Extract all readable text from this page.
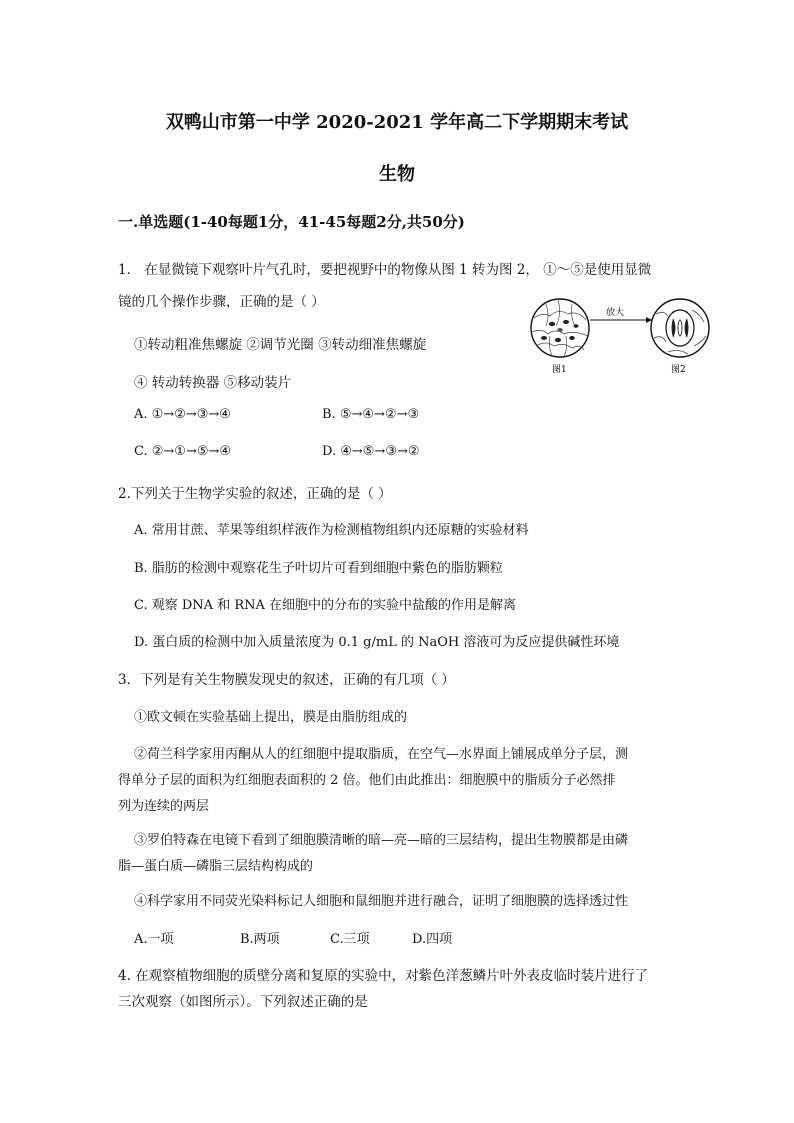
双鸭山市第一中学 2020-2021 学年高二下学期期末考试
生物
一.单选题(1-40每题1分，41-45每题2分,共50分)
1． 在显微镜下观察叶片气孔时，要把视野中的物像从图 1 转为图 2， ①～⑤是使用显微
镜的几个操作步骤，正确的是（ ）
①转动粗准焦螺旋 ②调节光圈 ③转动细准焦螺旋
④ 转动转换器 ⑤移动装片
A. ①→②→③→④	B. ⑤→④→②→③
C. ②→①→⑤→④	D. ④→⑤→③→②
放大
图1	图2
2.下列关于生物学实验的叙述，正确的是（ ）
A. 常用甘蔗、苹果等组织样液作为检测植物组织内还原糖的实验材料
B. 脂肪的检测中观察花生子叶切片可看到细胞中紫色的脂肪颗粒
C. 观察 DNA 和 RNA 在细胞中的分布的实验中盐酸的作用是解离
D. 蛋白质的检测中加入质量浓度为 0.1 g/mL 的 NaOH 溶液可为反应提供碱性环境
3．下列是有关生物膜发现史的叙述，正确的有几项（ ）
①欧文顿在实验基础上提出，膜是由脂肪组成的
②荷兰科学家用丙酮从人的红细胞中提取脂质，在空气—水界面上铺展成单分子层，测
得单分子层的面积为红细胞表面积的 2 倍。他们由此推出：细胞膜中的脂质分子必然排
列为连续的两层
③罗伯特森在电镜下看到了细胞膜清晰的暗—亮—暗的三层结构，提出生物膜都是由磷
脂—蛋白质—磷脂三层结构构成的
④科学家用不同荧光染料标记人细胞和鼠细胞并进行融合，证明了细胞膜的选择透过性
A.一项	B.两项	C.三项	D.四项
4. 在观察植物细胞的质壁分离和复原的实验中，对紫色洋葱鳞片叶外表皮临时装片进行了
三次观察（如图所示）。下列叙述正确的是
